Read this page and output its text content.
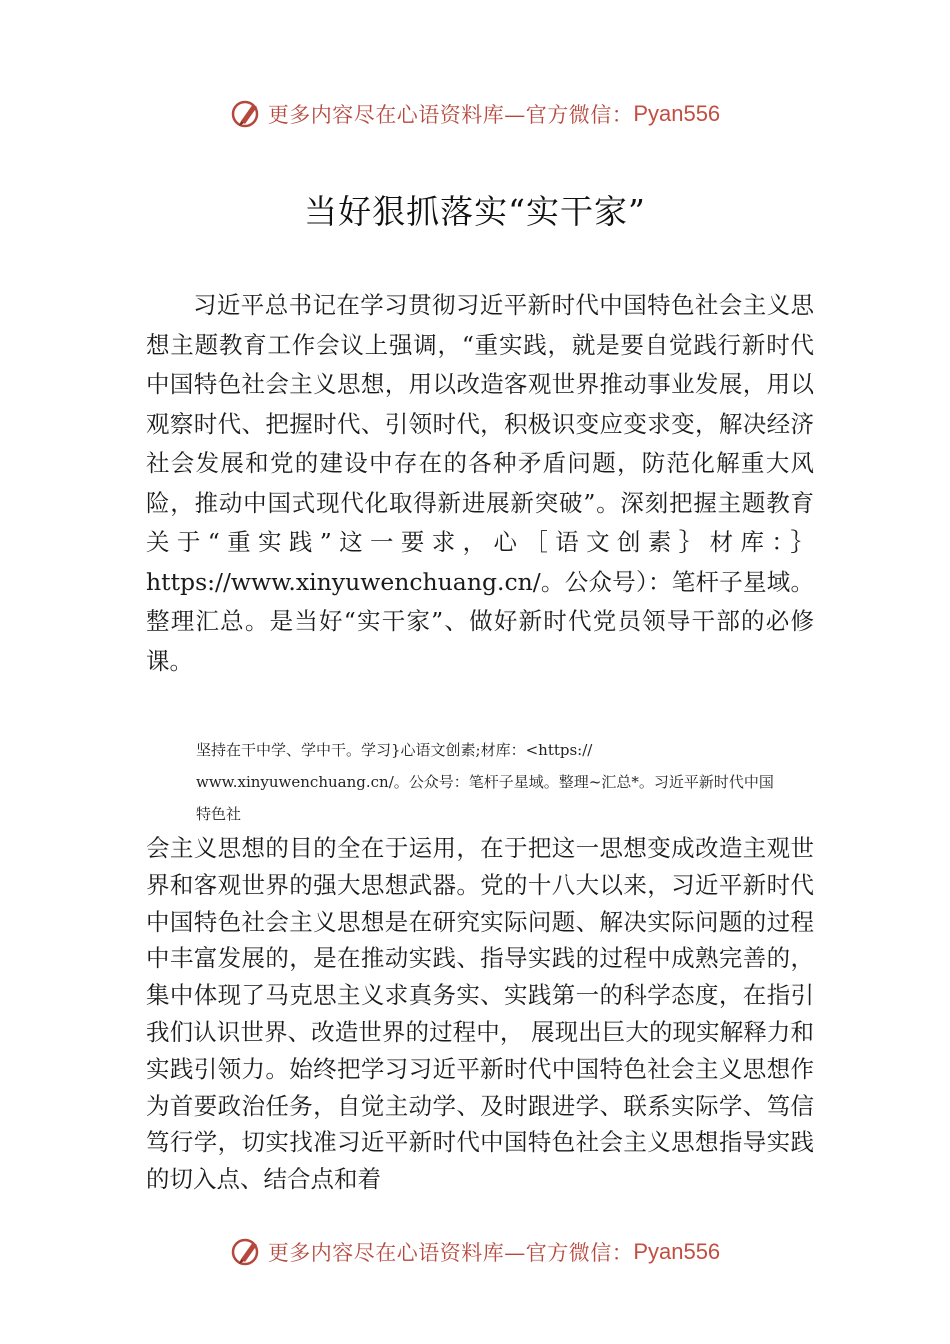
更多内容尽在心语资料库—官方微信： Pyan556
当好狠抓落实“实干家”
习近平总书记在学习贯彻习近平新时代中国特色社会主义思想主题教育工作会议上强调，“重实践，就是要自觉践行新时代中国特色社会主义思想，用以改造客观世界推动事业发展，用以观察时代、把握时代、引领时代，积极识变应变求变，解决经济社会发展和党的建设中存在的各种矛盾问题，防范化解重大风险，推动中国式现代化取得新进展新突破”。深刻把握主题教育关于“重实践”这一要求，心［语文创素｝材库：｝https://www.xinyuwenchuang.cn/。公众号）：笔杆子星域。整理汇总。是当好“实干家”、做好新时代党员领导干部的必修课。
坚持在干中学、学中干。学习}心语文创素;材库：<https://
www.xinyuwenchuang.cn/。公众号：笔杆子星域。整理~汇总*。习近平新时代中国
特色社
会主义思想的目的全在于运用，在于把这一思想变成改造主观世界和客观世界的强大思想武器。党的十八大以来，习近平新时代中国特色社会主义思想是在研究实际问题、解决实际问题的过程中丰富发展的，是在推动实践、指导实践的过程中成熟完善的，集中体现了马克思主义求真务实、实践第一的科学态度，在指引我们认识世界、改造世界的过程中， 展现出巨大的现实解释力和实践引领力。始终把学习习近平新时代中国特色社会主义思想作为首要政治任务，自觉主动学、及时跟进学、联系实际学、笃信笃行学，切实找准习近平新时代中国特色社会主义思想指导实践的切入点、结合点和着
更多内容尽在心语资料库—官方微信： Pyan556
